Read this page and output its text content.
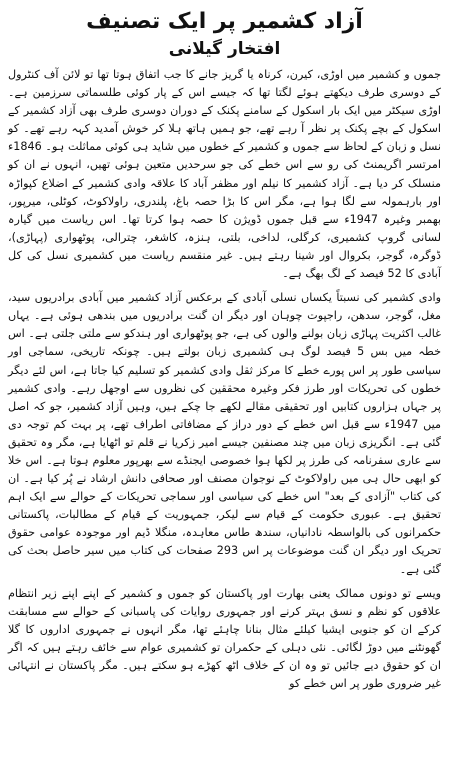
آزاد کشمیر پر ایک تصنیف
افتخار گیلانی

جموں و کشمیر میں اوڑی، کیرن، کرناہ یا گریز جانے کا جب اتفاق ہوتا تھا تو لائن آف کنٹرول کے دوسری طرف دیکھتے ہوئے لگتا تھا کہ جیسے اس کے پار کوئی طلسماتی سرزمین ہے۔ اوڑی سیکٹر میں ایک بار اسکول کے سامنے پکنک کے دوران دوسری طرف بھی آزاد کشمیر کے اسکول کے بچے پکنک پر نظر آ رہے تھے، جو ہمیں ہاتھ ہلا کر خوش آمدید کہہ رہے تھے۔ کو نسل و زبان کے لحاظ سے جموں و کشمیر کے خطوں میں شاید ہی کوئی مماثلت ہو۔ 1846ء امرتسر اگریمنٹ کی رو سے اس خطے کی جو سرحدیں متعین ہوئی تھیں، انہوں نے ان کو منسلک کر دیا ہے۔ آزاد کشمیر کا نیلم اور مظفر آباد کا علاقہ وادی کشمیر کے اضلاع کپواڑہ اور بارہمولہ سے لگا ہوا ہے، مگر اس کا بڑا حصہ باغ، پلندری، راولاکوٹ، کوٹلی، میرپور، بھمبر وغیرہ 1947ء سے قبل جموں ڈویژن کا حصہ ہوا کرتا تھا۔ اس ریاست میں گیارہ لسانی گروپ کشمیری، کرگلی، لداخی، بلتی، ہنزہ، کاشغر، چترالی، پوٹھواری (پہاڑی)، ڈوگرہ، گوجر، بکروال اور شینا رہتے ہیں۔ غیر منقسم ریاست میں کشمیری نسل کی کل آبادی کا 52 فیصد کے لگ بھگ ہے۔

وادی کشمیر کی نسبتاً یکساں نسلی آبادی کے برعکس آزاد کشمیر میں آبادی برادریوں سید، مغل، گوجر، سدھن، راجپوت چوہان اور دیگر ان گنت برادریوں میں بندھی ہوئی ہے۔ یہاں غالب اکثریت پہاڑی زبان بولنے والوں کی ہے، جو پوٹھواری اور ہندکو سے ملتی جلتی ہے۔ اس خطہ میں بس 5 فیصد لوگ ہی کشمیری زبان بولتے ہیں۔ چونکہ تاریخی، سماجی اور سیاسی طور پر اس پورے خطے کا مرکز ثقل وادی کشمیر کو تسلیم کیا جاتا ہے، اس لئے دیگر خطوں کی تحریکات اور طرز فکر وغیرہ محققین کی نظروں سے اوجھل رہے۔ وادی کشمیر پر جہاں ہزاروں کتابیں اور تحقیقی مقالے لکھے جا چکے ہیں، وہیں آزاد کشمیر، جو کہ اصل میں 1947ء سے قبل اس خطے کے دور دراز کے مضافاتی اطراف تھے، پر بہت کم توجہ دی گئی ہے۔ انگریزی زبان میں چند مصنفین جیسے امیر زکریا نے قلم تو اٹھایا ہے، مگر وہ تحقیق سے عاری سفرنامہ کی طرز پر لکھا ہوا خصوصی ایجنڈے سے بھرپور معلوم ہوتا ہے۔ اس خلا کو ابھی حال ہی میں راولاکوٹ کے نوجوان مصنف اور صحافی دانش ارشاد نے پُر کیا ہے۔ ان کی کتاب "آزادی کے بعد" اس خطے کی سیاسی اور سماجی تحریکات کے حوالے سے ایک اہم تحقیق ہے۔ عبوری حکومت کے قیام سے لیکر، جمہوریت کے قیام کے مطالبات، پاکستانی حکمرانوں کی بالواسطہ نادانیاں، سندھ طاس معاہدہ، منگلا ڈیم اور موجودہ عوامی حقوق تحریک اور دیگر ان گنت موضوعات پر اس 293 صفحات کی کتاب میں سیر حاصل بحث کی گئی ہے۔

ویسے تو دونوں ممالک یعنی بھارت اور پاکستان کو جموں و کشمیر کے اپنے اپنے زیر انتظام علاقوں کو نظم و نسق بہتر کرنے اور جمہوری روایات کی پاسبانی کے حوالے سے مسابقت کرکے ان کو جنوبی ایشیا کیلئے مثال بنانا چاہئے تھا، مگر انہوں نے جمہوری اداروں کا گلا گھونٹنے میں دوڑ لگائی۔ نئی دہلی کے حکمران تو کشمیری عوام سے خائف رہتے ہیں کہ اگر ان کو حقوق دیے جائیں تو وہ ان کے خلاف اٹھ کھڑے ہو سکتے ہیں۔ مگر پاکستان نے انتہائی غیر ضروری طور پر اس خطے کو
